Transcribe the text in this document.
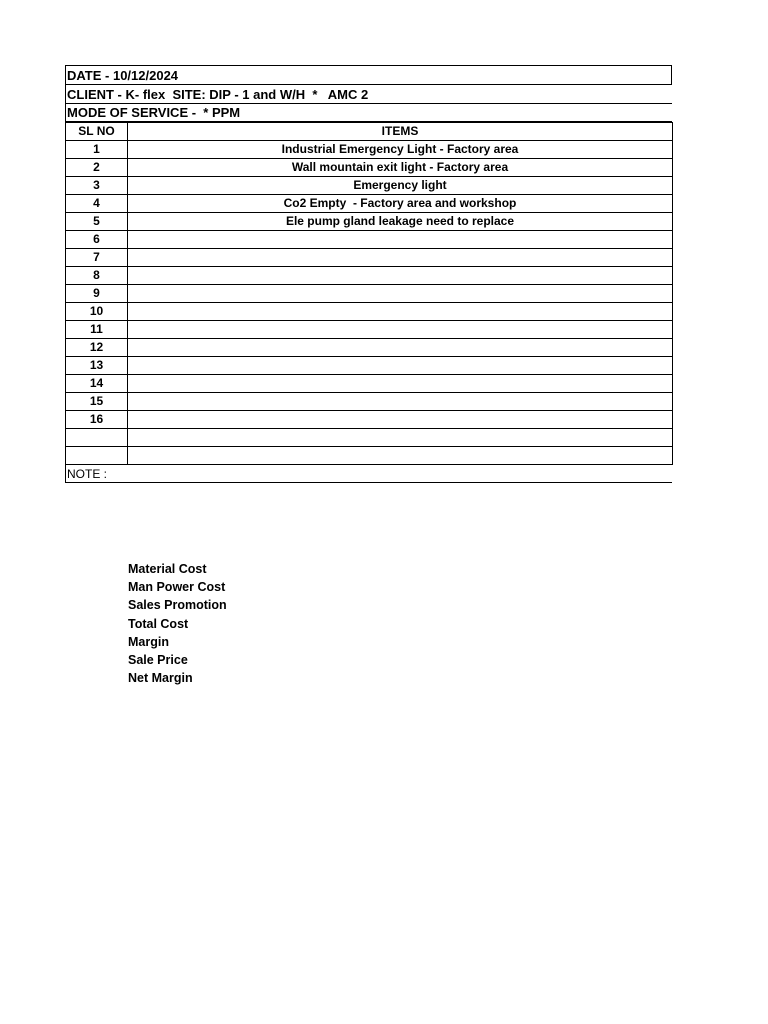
DATE - 10/12/2024
CLIENT - K- flex  SITE: DIP - 1 and W/H  *   AMC 2
MODE OF SERVICE -  * PPM
SL NO	ITEMS
1	Industrial Emergency Light - Factory area
2	Wall mountain exit light - Factory area
3	Emergency light
4	Co2 Empty  - Factory area and workshop
5	Ele pump gland leakage need to replace
6	
7	
8	
9	
10	
11	
12	
13	
14	
15	
16	

NOTE :
Material Cost
Man Power Cost
Sales Promotion
Total Cost
Margin
Sale Price
Net Margin
